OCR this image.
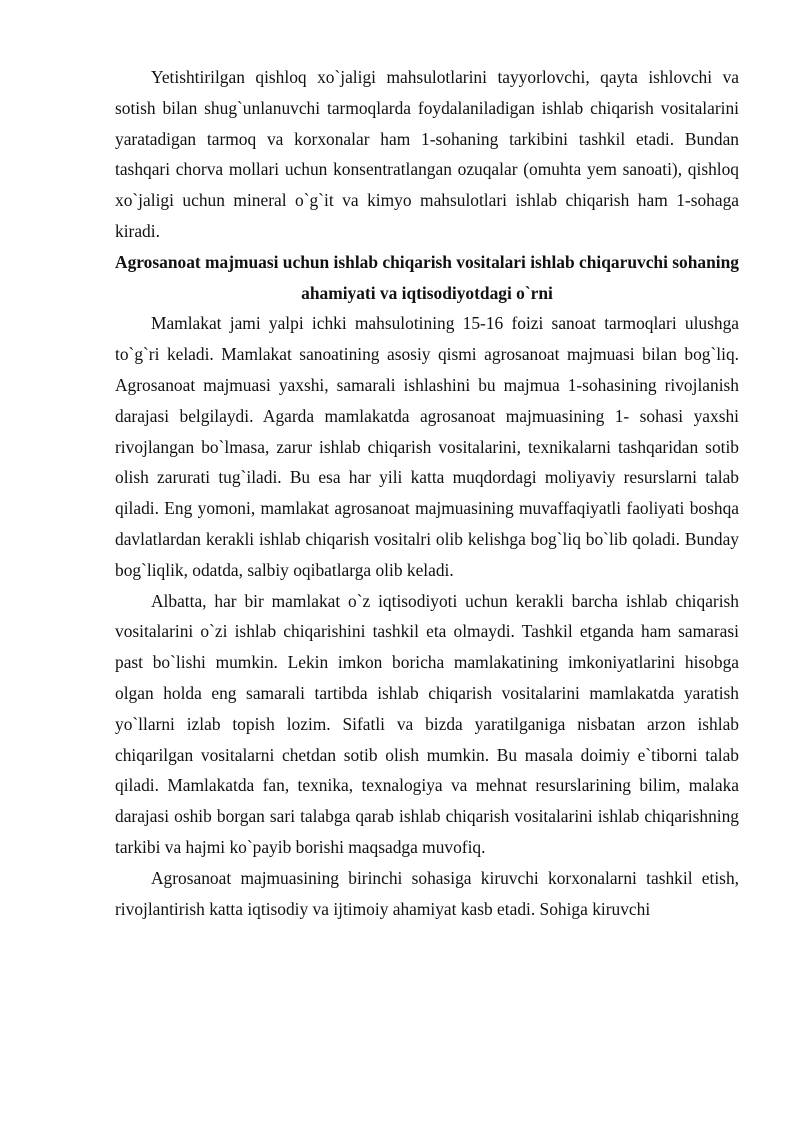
Yetishtirilgan qishloq xo`jaligi mahsulotlarini tayyorlovchi, qayta ishlovchi va sotish bilan shug`unlanuvchi tarmoqlarda foydalaniladigan ishlab chiqarish vositalarini yaratadigan tarmoq va korxonalar ham 1-sohaning tarkibini tashkil etadi. Bundan tashqari chorva mollari uchun konsentratlangan ozuqalar (omuhta yem sanoati), qishloq xo`jaligi uchun mineral o`g`it va kimyo mahsulotlari ishlab chiqarish ham 1-sohaga kiradi.

Agrosanoat majmuasi uchun ishlab chiqarish vositalari ishlab chiqaruvchi sohaning ahamiyati va iqtisodiyotdagi o`rni

Mamlakat jami yalpi ichki mahsulotining 15-16 foizi sanoat tarmoqlari ulushga to`g`ri keladi. Mamlakat sanoatining asosiy qismi agrosanoat majmuasi bilan bog`liq. Agrosanoat majmuasi yaxshi, samarali ishlashini bu majmua 1-sohasining rivojlanish darajasi belgilaydi. Agarda mamlakatda agrosanoat majmuasining 1- sohasi yaxshi rivojlangan bo`lmasa, zarur ishlab chiqarish vositalarini, texnikalarni tashqaridan sotib olish zarurati tug`iladi. Bu esa har yili katta muqdordagi moliyaviy resurslarni talab qiladi. Eng yomoni, mamlakat agrosanoat majmuasining muvaffaqiyatli faoliyati boshqa davlatlardan kerakli ishlab chiqarish vositalri olib kelishga bog`liq bo`lib qoladi. Bunday bog`liqlik, odatda, salbiy oqibatlarga olib keladi.

Albatta, har bir mamlakat o`z iqtisodiyoti uchun kerakli barcha ishlab chiqarish vositalarini o`zi ishlab chiqarishini tashkil eta olmaydi. Tashkil etganda ham samarasi past bo`lishi mumkin. Lekin imkon boricha mamlakatining imkoniyatlarini hisobga olgan holda eng samarali tartibda ishlab chiqarish vositalarini mamlakatda yaratish yo`llarni izlab topish lozim. Sifatli va bizda yaratilganiga nisbatan arzon ishlab chiqarilgan vositalarni chetdan sotib olish mumkin. Bu masala doimiy e`tiborni talab qiladi. Mamlakatda fan, texnika, texnalogiya va mehnat resurslarining bilim, malaka darajasi oshib borgan sari talabga qarab ishlab chiqarish vositalarini ishlab chiqarishning tarkibi va hajmi ko`payib borishi maqsadga muvofiq.

Agrosanoat majmuasining birinchi sohasiga kiruvchi korxonalarni tashkil etish, rivojlantirish katta iqtisodiy va ijtimoiy ahamiyat kasb etadi. Sohiga kiruvchi
